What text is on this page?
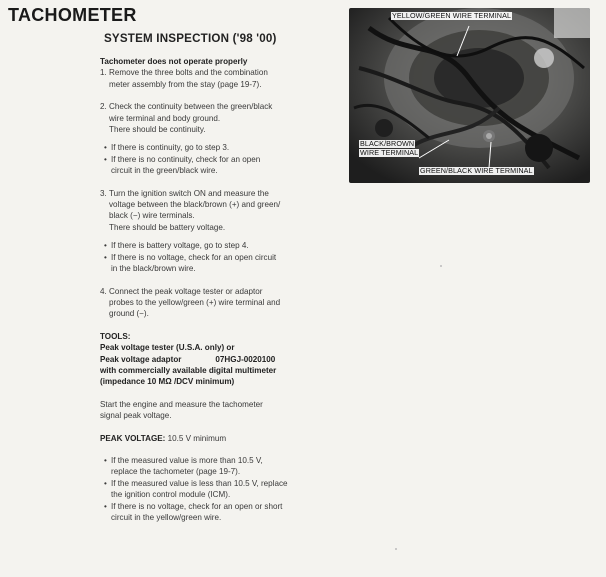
TACHOMETER
SYSTEM INSPECTION ('98 '00)

Tachometer does not operate properly

1. Remove the three bolts and the combination

meter assembly from the stay (page 19-7).

2. Check the continuity between the green/black

wire terminal and body ground.

There should be continuity.

• If there is continuity, go to step 3.

• If there is no continuity, check for an open

circuit in the green/black wire.

3. Turn the ignition switch ON and measure the

voltage between the black/brown (+) and green/

black (−) wire terminals.

There should be battery voltage.

• If there is battery voltage, go to step 4.

• If there is no voltage, check for an open circuit

in the black/brown wire.

4. Connect the peak voltage tester or adaptor

probes to the yellow/green (+) wire terminal and

ground (−).

TOOLS:

Peak voltage tester (U.S.A. only) or

Peak voltage adaptor	07HGJ-0020100

with commercially available digital multimeter

(impedance 10 MΩ /DCV minimum)

Start the engine and measure the tachometer

signal peak voltage.

PEAK VOLTAGE: 10.5 V minimum

• If the measured value is more than 10.5 V,

replace the tachometer (page 19-7).

• If the measured value is less than 10.5 V, replace

the ignition control module (ICM).

• If there is no voltage, check for an open or short

circuit in the yellow/green wire.

YELLOW/GREEN WIRE TERMINAL
BLACK/BROWN
WIRE TERMINAL
GREEN/BLACK WIRE TERMINAL
